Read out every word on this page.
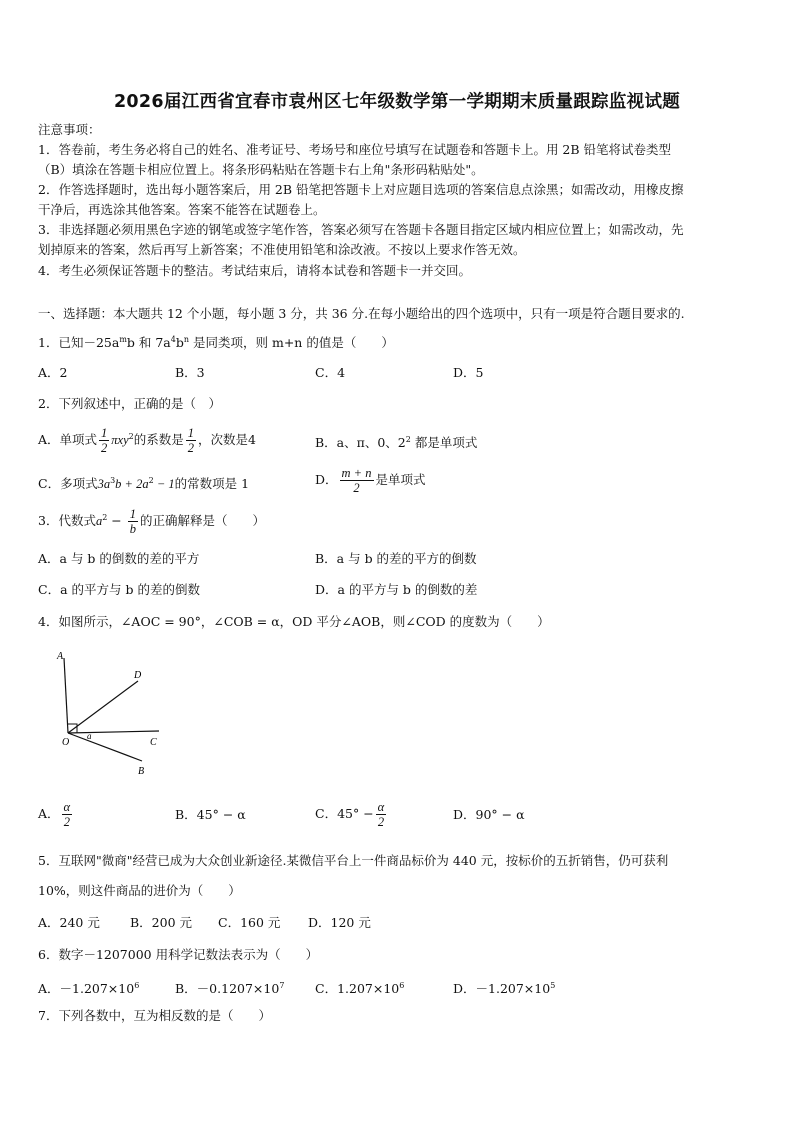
2026届江西省宜春市袁州区七年级数学第一学期期末质量跟踪监视试题
注意事项：
1．答卷前，考生务必将自己的姓名、准考证号、考场号和座位号填写在试题卷和答题卡上。用 2B 铅笔将试卷类型
（B）填涂在答题卡相应位置上。将条形码粘贴在答题卡右上角"条形码粘贴处"。
2．作答选择题时，选出每小题答案后，用 2B 铅笔把答题卡上对应题目选项的答案信息点涂黑；如需改动，用橡皮擦
干净后，再选涂其他答案。答案不能答在试题卷上。
3．非选择题必须用黑色字迹的钢笔或签字笔作答，答案必须写在答题卡各题目指定区域内相应位置上；如需改动，先
划掉原来的答案，然后再写上新答案；不准使用铅笔和涂改液。不按以上要求作答无效。
4．考生必须保证答题卡的整洁。考试结束后，请将本试卷和答题卡一并交回。
一、选择题：本大题共 12 个小题，每小题 3 分，共 36 分.在每小题给出的四个选项中，只有一项是符合题目要求的.
1．已知$-25a^mb$ 和 $7a^4b^n$ 是同类项，则 m+n 的值是（　　）
A．2	B．3	C．4	D．5
2．下列叙述中，正确的是（　）
A．单项式 $\frac{1}{2} \pi xy^2$的系数是 $\frac{1}{2}$ ，次数是4	B．a、π、0、$2^2$ 都是单项式
C．多项式$3a^3b + 2a^2 - 1$的常数项是 1	D． $\frac{m + n}{2}$ 是单项式
3．代数式$a^2 - \frac{1}{b}$ 的正确解释是（　　）
A．a 与 b 的倒数的差的平方	B．a 与 b 的差的平方的倒数
C．a 的平方与 b 的差的倒数	D．a 的平方与 b 的倒数的差
4．如图所示，∠AOC = 90°，∠COB = α，OD 平分∠AOB，则∠COD 的度数为（　　）
A
D
O
a
C
B
A． $\frac{\alpha}{2}$	B．45° − α	C．$45^\circ - \frac{\alpha}{2}$	D．90° − α
5．互联网"微商"经营已成为大众创业新途径.某微信平台上一件商品标价为 440 元，按标价的五折销售，仍可获利
10%，则这件商品的进价为（　　）
A．240 元 B．200 元 C．160 元 D．120 元
6．数字－1207000 用科学记数法表示为（　　）
A．$-1.207\times 10^6$	B．$-0.1207\times 10^7$ C．$1.207\times 10^6$	D．$-1.207\times 10^5$
7．下列各数中，互为相反数的是（　　）
